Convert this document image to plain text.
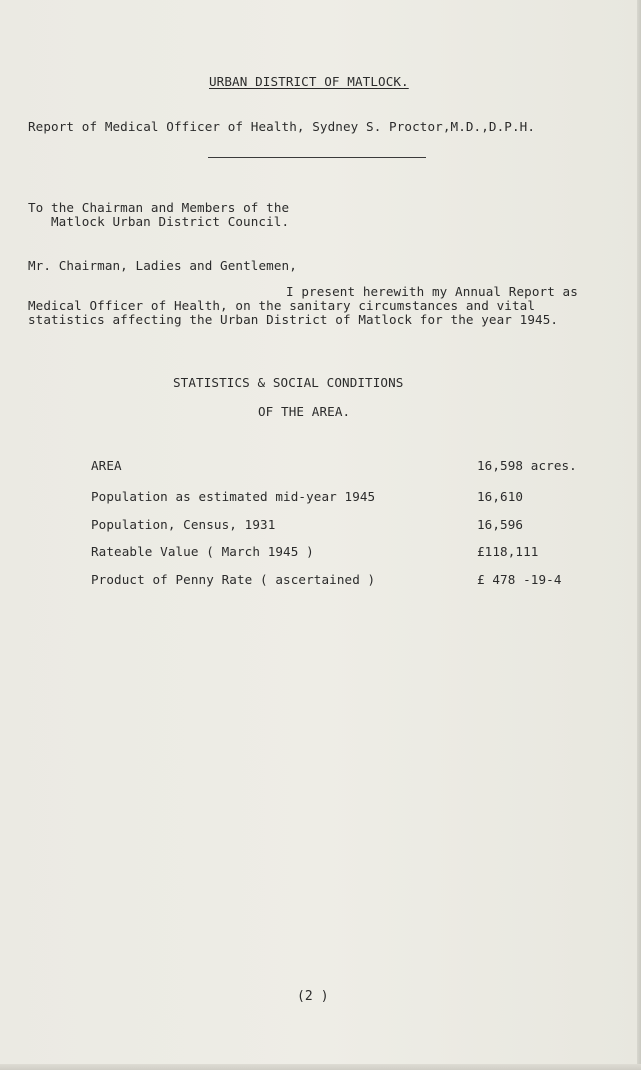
URBAN DISTRICT OF MATLOCK.
Report of Medical Officer of Health, Sydney S. Proctor,M.D.,D.P.H.
To the Chairman and Members of the
Matlock Urban District Council.
Mr. Chairman, Ladies and Gentlemen,
I present herewith my Annual Report as
Medical Officer of Health, on the sanitary circumstances and vital
statistics affecting the Urban District of Matlock for the year 1945.
STATISTICS & SOCIAL CONDITIONS
OF THE AREA.
AREA	16,598 acres.
Population as estimated mid-year 1945	16,610
Population, Census, 1931	16,596
Rateable Value ( March 1945 )	£118,111
Product of Penny Rate ( ascertained )	£ 478 -19-4
(2 )
